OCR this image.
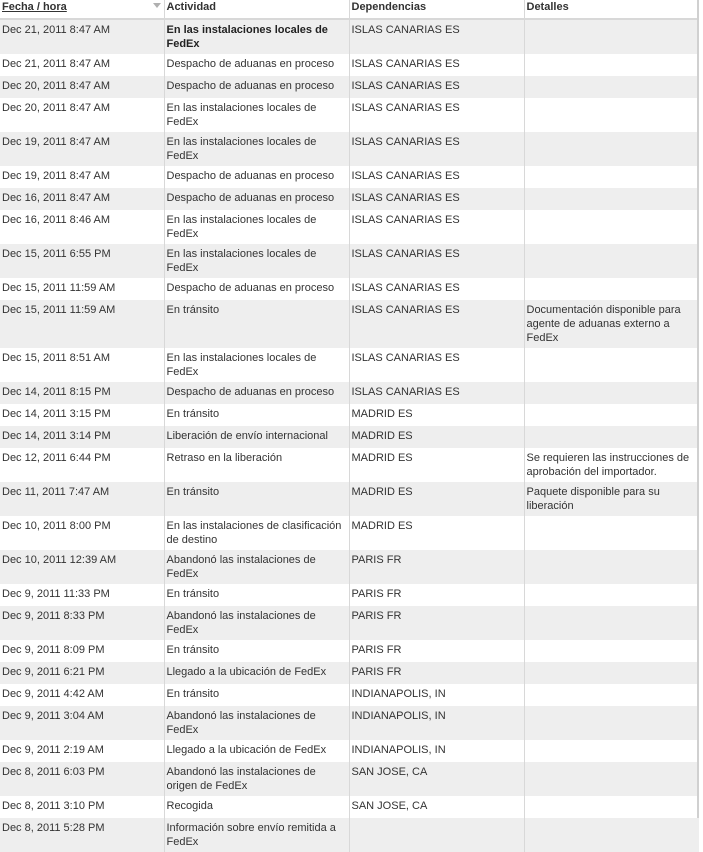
Fecha / hora	Actividad	Dependencias	Detalles
Dec 21, 2011 8:47 AM	En las instalaciones locales de FedEx	ISLAS CANARIAS ES	
Dec 21, 2011 8:47 AM	Despacho de aduanas en proceso	ISLAS CANARIAS ES	
Dec 20, 2011 8:47 AM	Despacho de aduanas en proceso	ISLAS CANARIAS ES	
Dec 20, 2011 8:47 AM	En las instalaciones locales de FedEx	ISLAS CANARIAS ES	
Dec 19, 2011 8:47 AM	En las instalaciones locales de FedEx	ISLAS CANARIAS ES	
Dec 19, 2011 8:47 AM	Despacho de aduanas en proceso	ISLAS CANARIAS ES	
Dec 16, 2011 8:47 AM	Despacho de aduanas en proceso	ISLAS CANARIAS ES	
Dec 16, 2011 8:46 AM	En las instalaciones locales de FedEx	ISLAS CANARIAS ES	
Dec 15, 2011 6:55 PM	En las instalaciones locales de FedEx	ISLAS CANARIAS ES	
Dec 15, 2011 11:59 AM	Despacho de aduanas en proceso	ISLAS CANARIAS ES	
Dec 15, 2011 11:59 AM	En tránsito	ISLAS CANARIAS ES	Documentación disponible para agente de aduanas externo a FedEx
Dec 15, 2011 8:51 AM	En las instalaciones locales de FedEx	ISLAS CANARIAS ES	
Dec 14, 2011 8:15 PM	Despacho de aduanas en proceso	ISLAS CANARIAS ES	
Dec 14, 2011 3:15 PM	En tránsito	MADRID ES	
Dec 14, 2011 3:14 PM	Liberación de envío internacional	MADRID ES	
Dec 12, 2011 6:44 PM	Retraso en la liberación	MADRID ES	Se requieren las instrucciones de aprobación del importador.
Dec 11, 2011 7:47 AM	En tránsito	MADRID ES	Paquete disponible para su liberación
Dec 10, 2011 8:00 PM	En las instalaciones de clasificación de destino	MADRID ES	
Dec 10, 2011 12:39 AM	Abandonó las instalaciones de FedEx	PARIS FR	
Dec 9, 2011 11:33 PM	En tránsito	PARIS FR	
Dec 9, 2011 8:33 PM	Abandonó las instalaciones de FedEx	PARIS FR	
Dec 9, 2011 8:09 PM	En tránsito	PARIS FR	
Dec 9, 2011 6:21 PM	Llegado a la ubicación de FedEx	PARIS FR	
Dec 9, 2011 4:42 AM	En tránsito	INDIANAPOLIS, IN	
Dec 9, 2011 3:04 AM	Abandonó las instalaciones de FedEx	INDIANAPOLIS, IN	
Dec 9, 2011 2:19 AM	Llegado a la ubicación de FedEx	INDIANAPOLIS, IN	
Dec 8, 2011 6:03 PM	Abandonó las instalaciones de origen de FedEx	SAN JOSE, CA	
Dec 8, 2011 3:10 PM	Recogida	SAN JOSE, CA	
Dec 8, 2011 5:28 PM	Información sobre envío remitida a FedEx		
